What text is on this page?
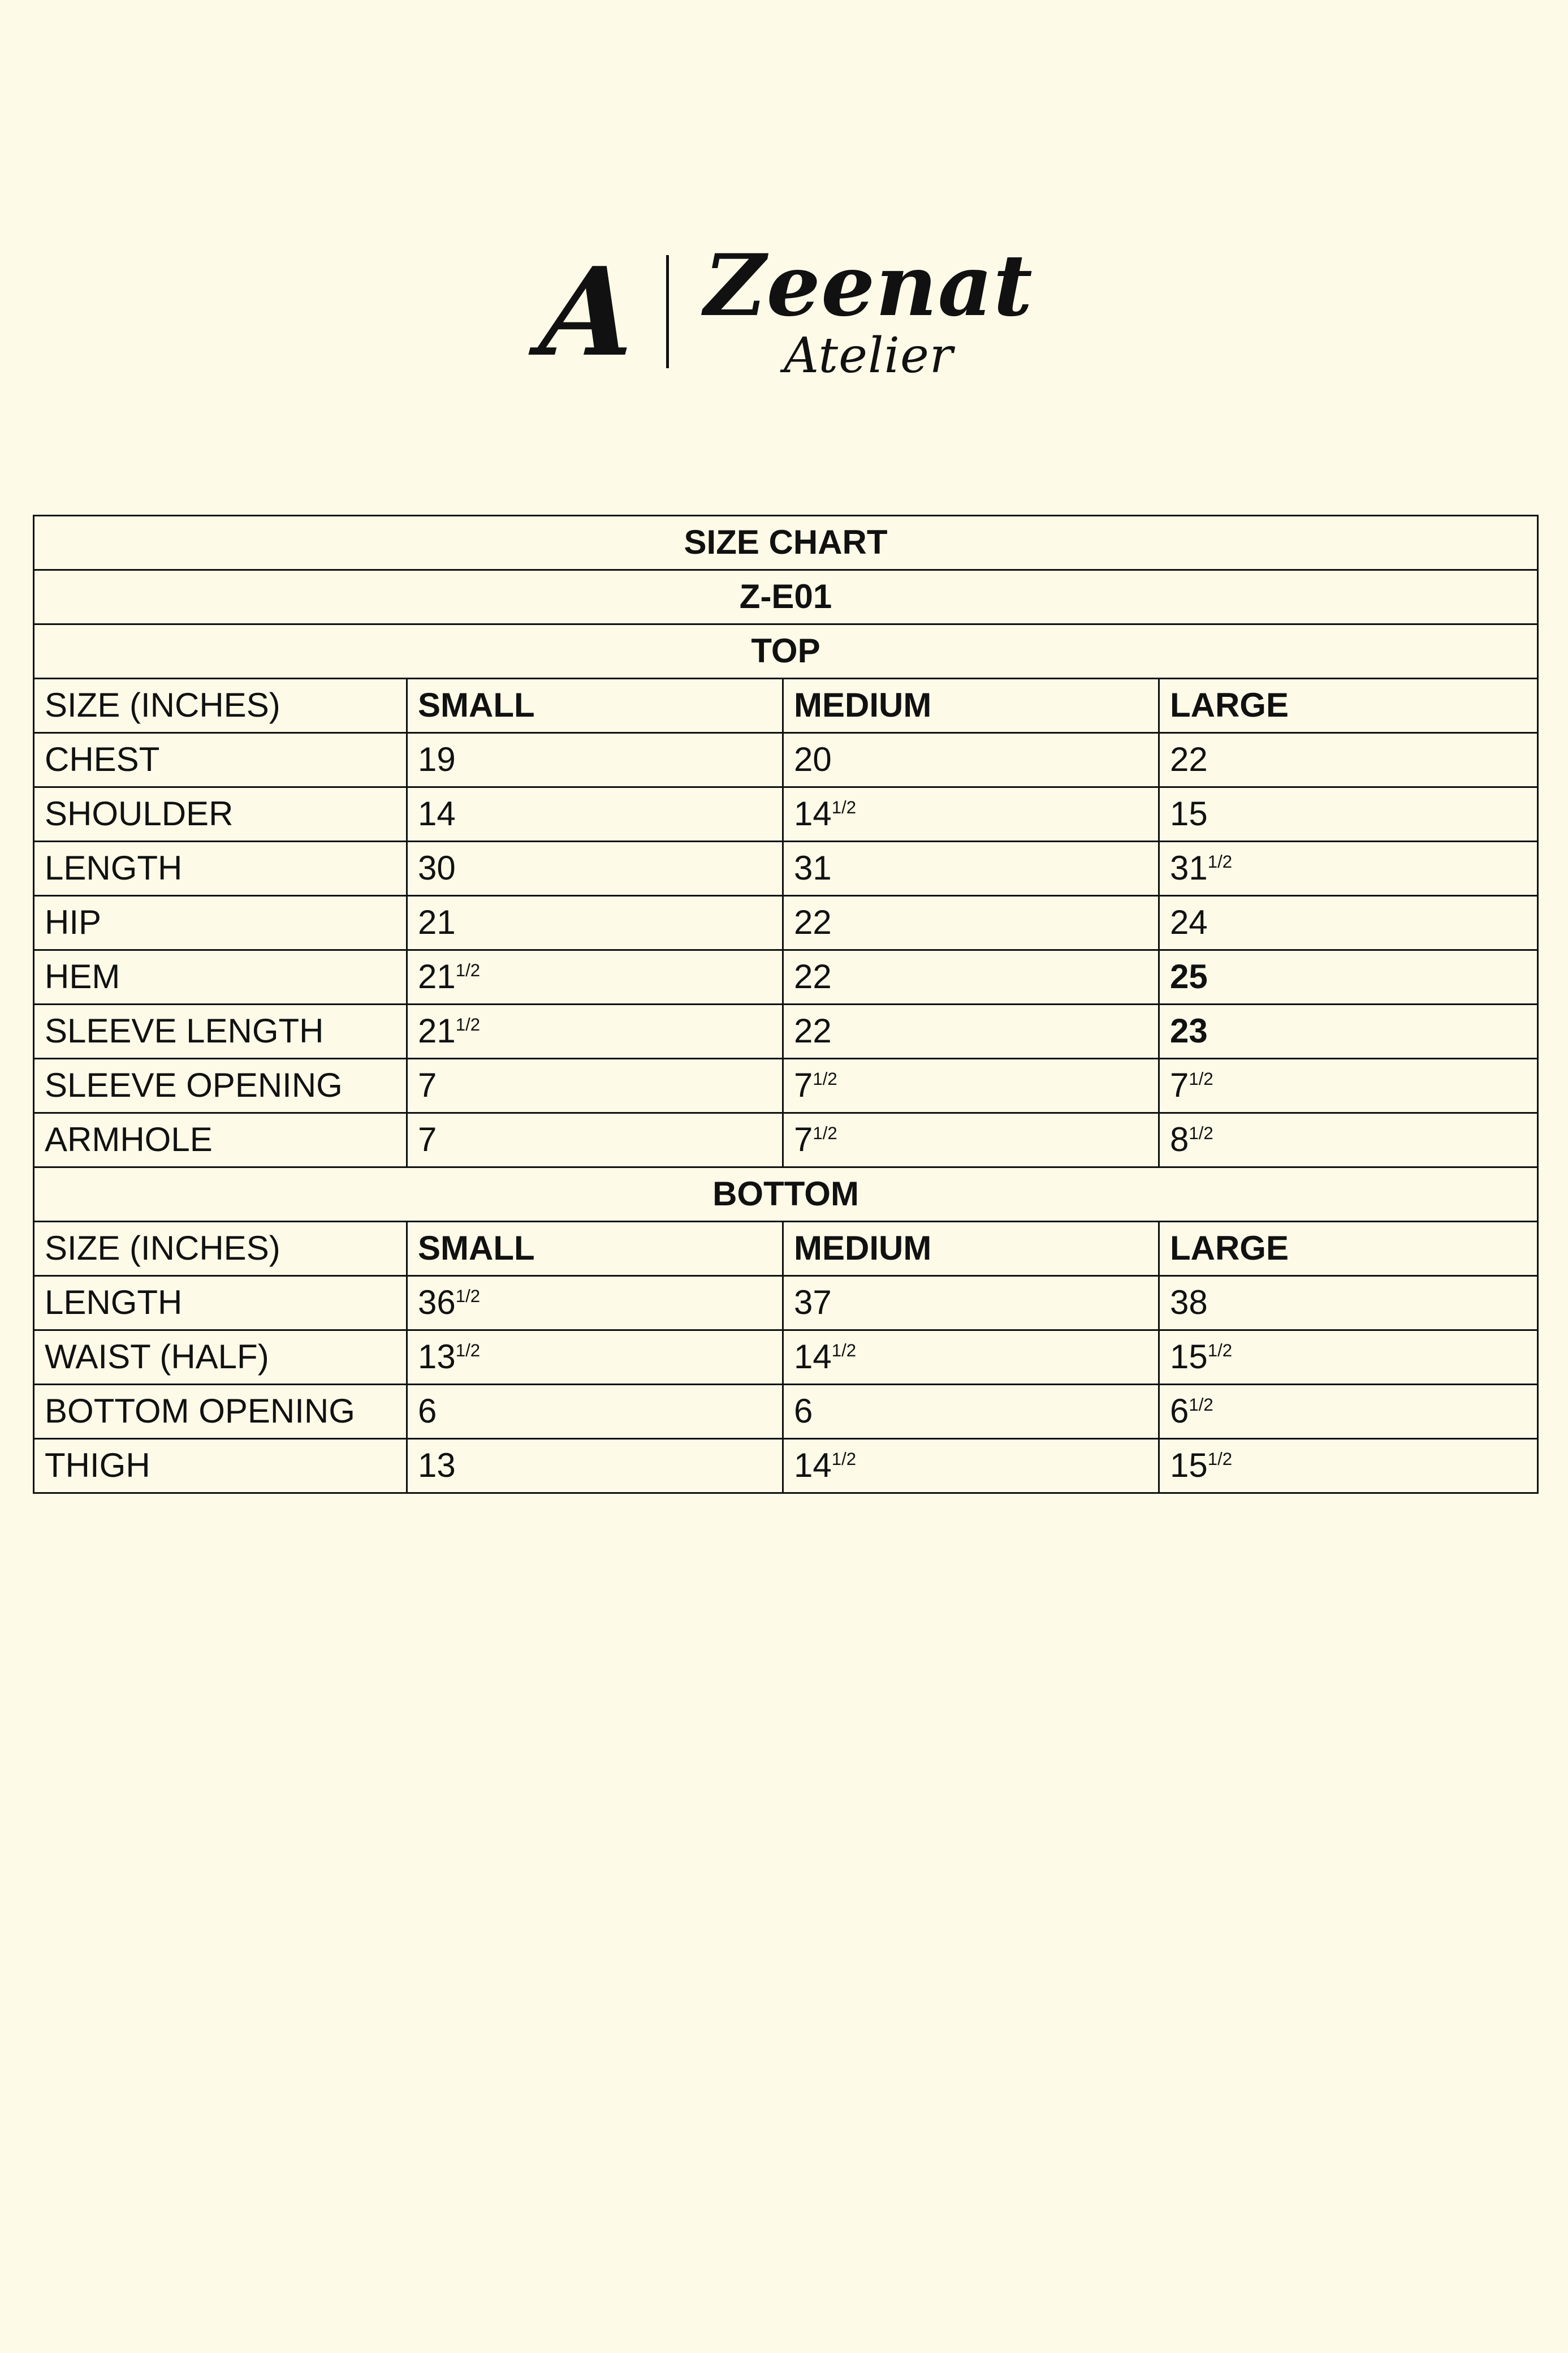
A Zeenat
Atelier
SIZE CHART			
Z-E01			
TOP			
SIZE (INCHES)	SMALL	MEDIUM	LARGE
CHEST	19	20	22
SHOULDER	14	$14^{1/2}$	15
LENGTH	30	31	$31^{1/2}$
HIP	21	22	24
HEM	$21^{1/2}$	22	25
SLEEVE LENGTH	$21^{1/2}$	22	23
SLEEVE OPENING	7	$7^{1/2}$	$7^{1/2}$
ARMHOLE	7	$7^{1/2}$	$8^{1/2}$
BOTTOM			
SIZE (INCHES)	SMALL	MEDIUM	LARGE
LENGTH	$36^{1/2}$	37	38
WAIST (HALF)	$13^{1/2}$	$14^{1/2}$	$15^{1/2}$
BOTTOM OPENING	6	6	$6^{1/2}$
THIGH	13	$14^{1/2}$	$15^{1/2}$
